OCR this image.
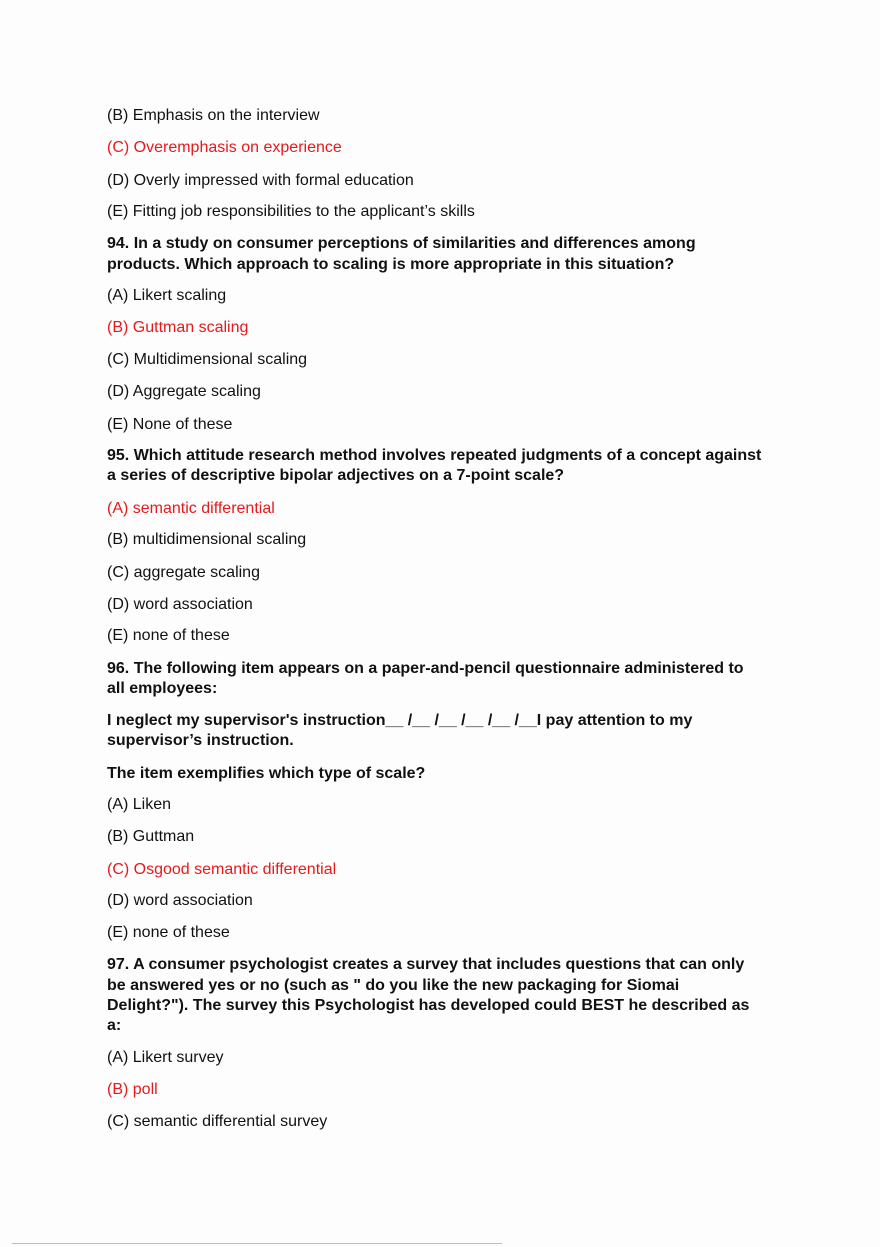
(B) Emphasis on the interview
(C) Overemphasis on experience
(D) Overly impressed with formal education
(E) Fitting job responsibilities to the applicant’s skills
94. In a study on consumer perceptions of similarities and differences among
products. Which approach to scaling is more appropriate in this situation?
(A) Likert scaling
(B) Guttman scaling
(C) Multidimensional scaling
(D) Aggregate scaling
(E) None of these
95. Which attitude research method involves repeated judgments of a concept against
a series of descriptive bipolar adjectives on a 7-point scale?
(A) semantic differential
(B) multidimensional scaling
(C) aggregate scaling
(D) word association
(E) none of these
96. The following item appears on a paper-and-pencil questionnaire administered to
all employees:
I neglect my supervisor's instruction__ /__ /__ /__ /__ /__I pay attention to my
supervisor’s instruction.
The item exemplifies which type of scale?
(A) Liken
(B) Guttman
(C) Osgood semantic differential
(D) word association
(E) none of these
97. A consumer psychologist creates a survey that includes questions that can only
be answered yes or no (such as " do you like the new packaging for Siomai
Delight?"). The survey this Psychologist has developed could BEST he described as
a:
(A) Likert survey
(B) poll
(C) semantic differential survey
